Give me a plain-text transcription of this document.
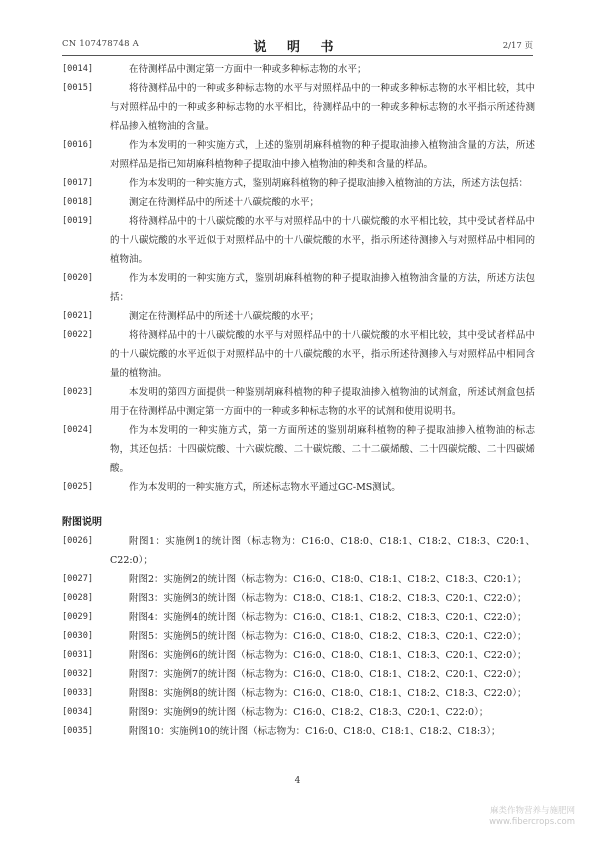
CN 107478748 A	说 明 书	2/17 页
[0014]	在待测样品中测定第一方面中一种或多种标志物的水平；
[0015]	将待测样品中的一种或多种标志物的水平与对照样品中的一种或多种标志物的水平相比较，其中与对照样品中的一种或多种标志物的水平相比，待测样品中的一种或多种标志物的水平指示所述待测样品掺入植物油的含量。
[0016]	作为本发明的一种实施方式，上述的鉴别胡麻科植物的种子提取油掺入植物油含量的方法，所述对照样品是指已知胡麻科植物种子提取油中掺入植物油的种类和含量的样品。
[0017]	作为本发明的一种实施方式，鉴别胡麻科植物的种子提取油掺入植物油的方法，所述方法包括：
[0018]	测定在待测样品中的所述十八碳烷酸的水平；
[0019]	将待测样品中的十八碳烷酸的水平与对照样品中的十八碳烷酸的水平相比较，其中受试者样品中的十八碳烷酸的水平近似于对照样品中的十八碳烷酸的水平，指示所述待测掺入与对照样品中相同的植物油。
[0020]	作为本发明的一种实施方式，鉴别胡麻科植物的种子提取油掺入植物油含量的方法，所述方法包括：
[0021]	测定在待测样品中的所述十八碳烷酸的水平；
[0022]	将待测样品中的十八碳烷酸的水平与对照样品中的十八碳烷酸的水平相比较，其中受试者样品中的十八碳烷酸的水平近似于对照样品中的十八碳烷酸的水平，指示所述待测掺入与对照样品中相同含量的植物油。
[0023]	本发明的第四方面提供一种鉴别胡麻科植物的种子提取油掺入植物油的试剂盒，所述试剂盒包括用于在待测样品中测定第一方面中的一种或多种标志物的水平的试剂和使用说明书。
[0024]	作为本发明的一种实施方式，第一方面所述的鉴别胡麻科植物的种子提取油掺入植物油的标志物，其还包括：十四碳烷酸、十六碳烷酸、二十碳烷酸、二十二碳烯酸、二十四碳烷酸、二十四碳烯酸。
[0025]	作为本发明的一种实施方式，所述标志物水平通过GC-MS测试。
附图说明
[0026]	附图1：实施例1的统计图（标志物为：C16:0、C18:0、C18:1、C18:2、C18:3、C20:1、C22:0）；
[0027]	附图2：实施例2的统计图（标志物为：C16:0、C18:0、C18:1、C18:2、C18:3、C20:1）；
[0028]	附图3：实施例3的统计图（标志物为：C18:0、C18:1、C18:2、C18:3、C20:1、C22:0）；
[0029]	附图4：实施例4的统计图（标志物为：C16:0、C18:1、C18:2、C18:3、C20:1、C22:0）；
[0030]	附图5：实施例5的统计图（标志物为：C16:0、C18:0、C18:2、C18:3、C20:1、C22:0）；
[0031]	附图6：实施例6的统计图（标志物为：C16:0、C18:0、C18:1、C18:3、C20:1、C22:0）；
[0032]	附图7：实施例7的统计图（标志物为：C16:0、C18:0、C18:1、C18:2、C20:1、C22:0）；
[0033]	附图8：实施例8的统计图（标志物为：C16:0、C18:0、C18:1、C18:2、C18:3、C22:0）；
[0034]	附图9：实施例9的统计图（标志物为：C16:0、C18:2、C18:3、C20:1、C22:0）；
[0035]	附图10：实施例10的统计图（标志物为：C16:0、C18:0、C18:1、C18:2、C18:3）；
4
麻类作物营养与施肥网
www.fibercrops.com
